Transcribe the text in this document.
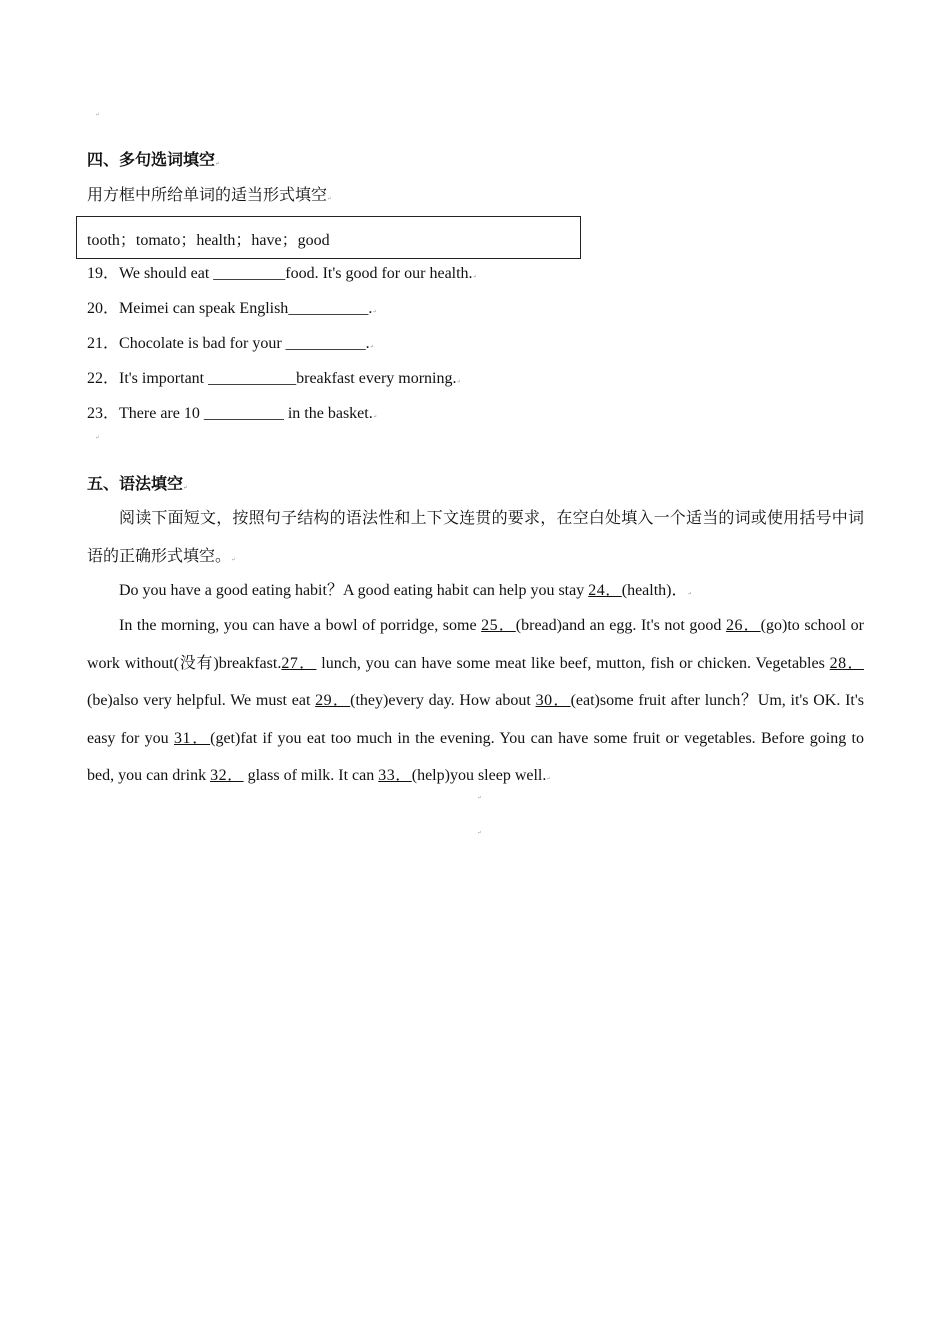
↵
四、多句选词填空↵
用方框中所给单词的适当形式填空↵
tooth；tomato；health；have；good
19．We should eat _________food. It's good for our health.↵
20．Meimei can speak English__________.↵
21．Chocolate is bad for your __________.↵
22．It's important ___________breakfast every morning.↵
23．There are 10 __________ in the basket.↵
↵
五、语法填空↵
阅读下面短文，按照句子结构的语法性和上下文连贯的要求，在空白处填入一个适当的词或使用括号中词语的正确形式填空。↵
Do you have a good eating habit？A good eating habit can help you stay 24．(health)．↵
In the morning, you can have a bowl of porridge, some 25．(bread)and an egg. It's not good 26．(go)to school or work without(没有)breakfast.27． lunch, you can have some meat like beef, mutton, fish or chicken. Vegetables 28．(be)also very helpful. We must eat 29．(they)every day. How about 30．(eat)some fruit after lunch？Um, it's OK. It's easy for you 31．(get)fat if you eat too much in the evening. You can have some fruit or vegetables. Before going to bed, you can drink 32． glass of milk. It can 33．(help)you sleep well.↵
↵
↵
